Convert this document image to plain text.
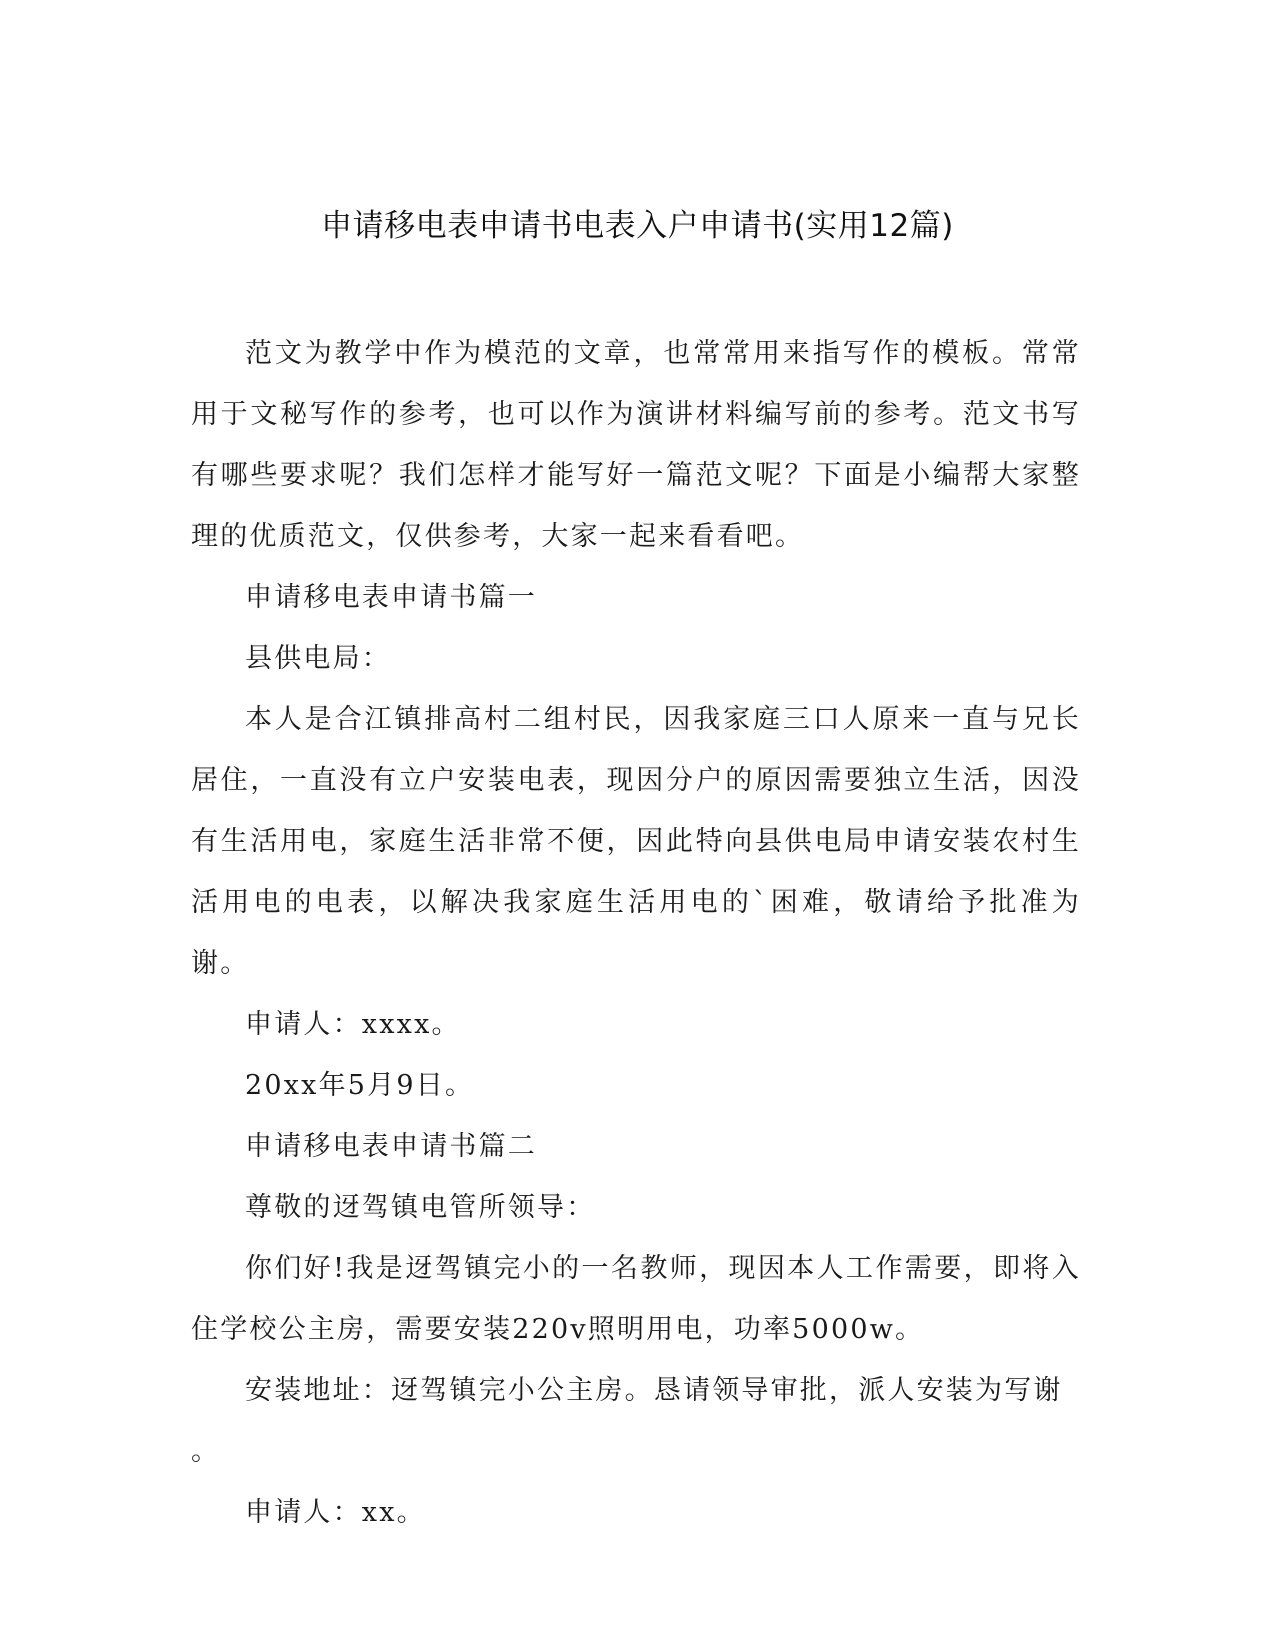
申请移电表申请书电表入户申请书(实用12篇)

范文为教学中作为模范的文章，也常常用来指写作的模板。常常用于文秘写作的参考，也可以作为演讲材料编写前的参考。范文书写有哪些要求呢？我们怎样才能写好一篇范文呢？下面是小编帮大家整理的优质范文，仅供参考，大家一起来看看吧。

申请移电表申请书篇一

县供电局：

本人是合江镇排高村二组村民，因我家庭三口人原来一直与兄长居住，一直没有立户安装电表，现因分户的原因需要独立生活，因没有生活用电，家庭生活非常不便，因此特向县供电局申请安装农村生活用电的电表，以解决我家庭生活用电的`困难，敬请给予批准为谢。

申请人：xxxx。

20xx年5月9日。

申请移电表申请书篇二

尊敬的迓驾镇电管所领导：

你们好!我是迓驾镇完小的一名教师，现因本人工作需要，即将入住学校公主房，需要安装220v照明用电，功率5000w。

安装地址：迓驾镇完小公主房。恳请领导审批，派人安装为写谢

。

申请人：xx。
